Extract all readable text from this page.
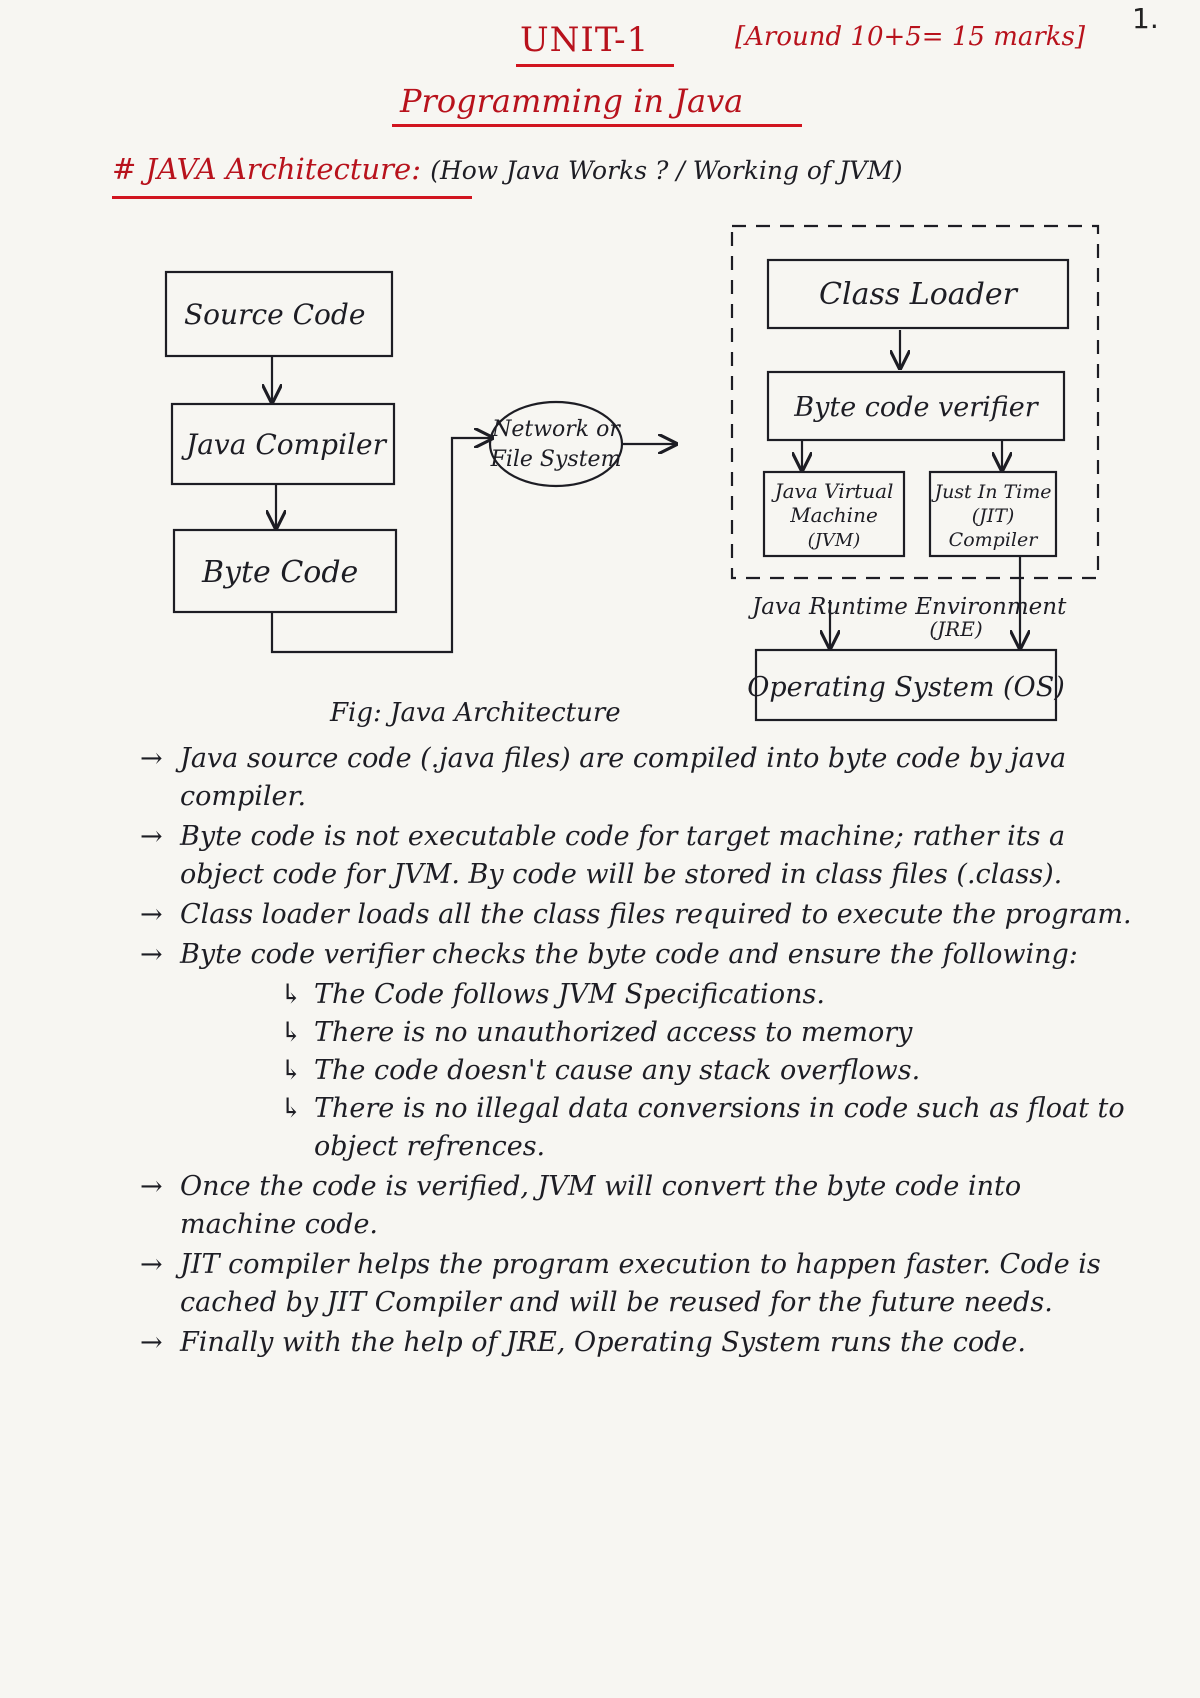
1.
UNIT-1	[Around 10+5= 15 marks]
Programming in Java
# JAVA Architecture: (How Java Works ? / Working of JVM)
Source Code
Java Compiler
Byte Code
Network or
File System
Class Loader
Byte code verifier
Java Virtual
Machine
(JVM)
Just In Time
(JIT)
Compiler
Java Runtime Environment
(JRE)
Operating System (OS)
Fig: Java Architecture
→ Java source code (.java files) are compiled into byte code by java compiler.
→ Byte code is not executable code for target machine; rather its a object code for JVM. By code will be stored in class files (.class).
→ Class loader loads all the class files required to execute the program.
→ Byte code verifier checks the byte code and ensure the following:
↳ The Code follows JVM Specifications.
↳ There is no unauthorized access to memory
↳ The code doesn't cause any stack overflows.
↳ There is no illegal data conversions in code such as float to object refrences.
→ Once the code is verified, JVM will convert the byte code into machine code.
→ JIT compiler helps the program execution to happen faster. Code is cached by JIT Compiler and will be reused for the future needs.
→ Finally with the help of JRE, Operating System runs the code.
